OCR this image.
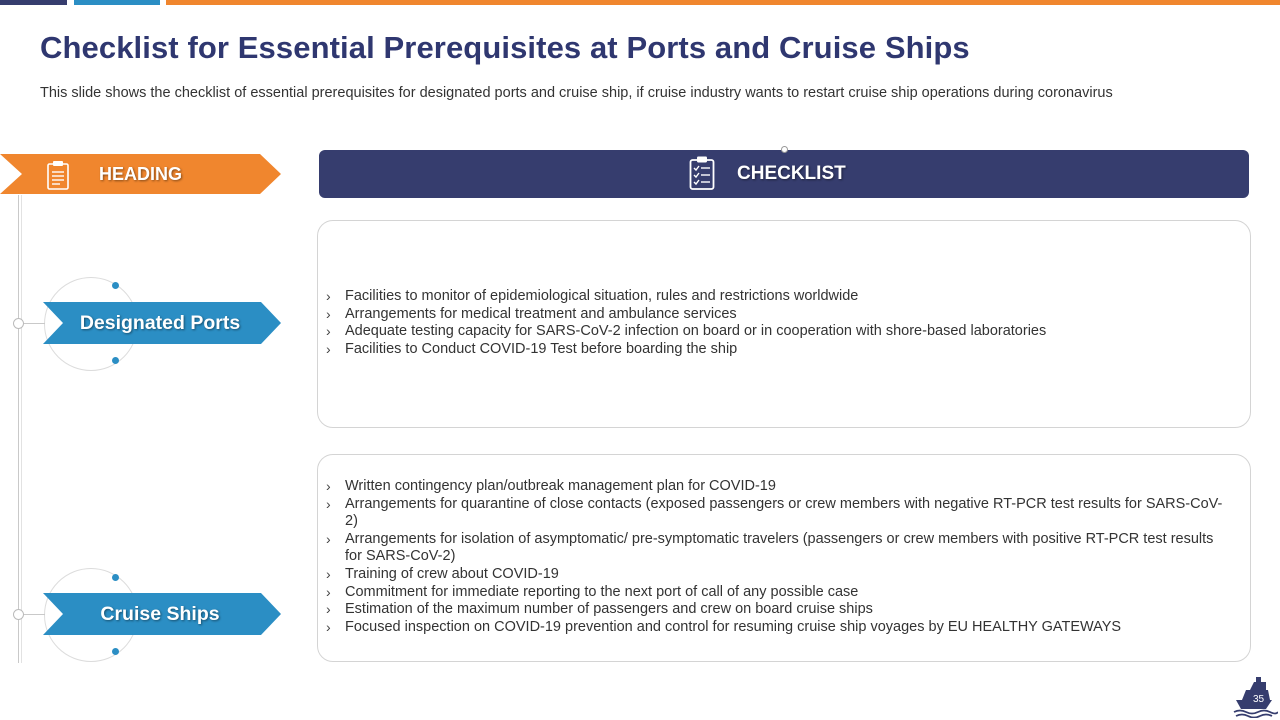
Checklist for Essential Prerequisites at Ports and Cruise Ships

This slide shows the checklist of essential prerequisites for designated ports and cruise ship, if cruise industry wants to restart cruise ship operations during coronavirus

HEADING	CHECKLIST
Designated Ports
› Facilities to monitor of epidemiological situation, rules and restrictions worldwide
› Arrangements for medical treatment and ambulance services
› Adequate testing capacity for SARS-CoV-2 infection on board or in cooperation with shore-based laboratories
› Facilities to Conduct COVID-19 Test before boarding the ship
Cruise Ships
› Written contingency plan/outbreak management plan for COVID-19
› Arrangements for quarantine of close contacts (exposed passengers or crew members with negative RT-PCR test results for SARS-CoV-2)
› Arrangements for isolation of asymptomatic/ pre-symptomatic travelers (passengers or crew members with positive RT-PCR test results for SARS-CoV-2)
› Training of crew about COVID-19
› Commitment for immediate reporting to the next port of call of any possible case
› Estimation of the maximum number of passengers and crew on board cruise ships
› Focused inspection on COVID-19 prevention and control for resuming cruise ship voyages by EU HEALTHY GATEWAYS
35
